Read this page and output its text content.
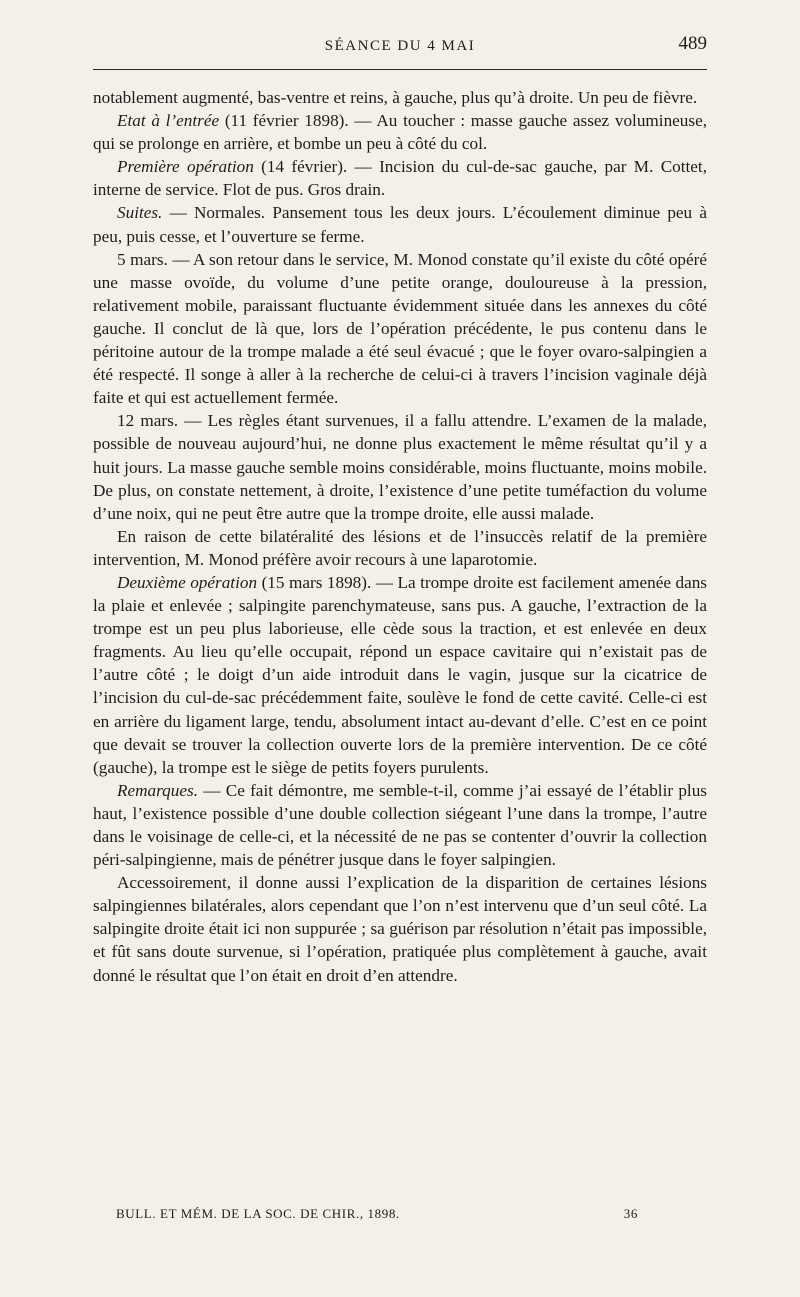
SÉANCE DU 4 MAI	489

notablement augmenté, bas-ventre et reins, à gauche, plus qu’à droite. Un peu de fièvre.

Etat à l’entrée (11 février 1898). — Au toucher : masse gauche assez volumineuse, qui se prolonge en arrière, et bombe un peu à côté du col.

Première opération (14 février). — Incision du cul-de-sac gauche, par M. Cottet, interne de service. Flot de pus. Gros drain.

Suites. — Normales. Pansement tous les deux jours. L’écoulement diminue peu à peu, puis cesse, et l’ouverture se ferme.

5 mars. — A son retour dans le service, M. Monod constate qu’il existe du côté opéré une masse ovoïde, du volume d’une petite orange, douloureuse à la pression, relativement mobile, paraissant fluctuante évidemment située dans les annexes du côté gauche. Il conclut de là que, lors de l’opération précédente, le pus contenu dans le péritoine autour de la trompe malade a été seul évacué ; que le foyer ovaro-salpingien a été respecté. Il songe à aller à la recherche de celui-ci à travers l’incision vaginale déjà faite et qui est actuellement fermée.

12 mars. — Les règles étant survenues, il a fallu attendre. L’examen de la malade, possible de nouveau aujourd’hui, ne donne plus exactement le même résultat qu’il y a huit jours. La masse gauche semble moins considérable, moins fluctuante, moins mobile. De plus, on constate nettement, à droite, l’existence d’une petite tuméfaction du volume d’une noix, qui ne peut être autre que la trompe droite, elle aussi malade.

En raison de cette bilatéralité des lésions et de l’insuccès relatif de la première intervention, M. Monod préfère avoir recours à une laparotomie.

Deuxième opération (15 mars 1898). — La trompe droite est facilement amenée dans la plaie et enlevée ; salpingite parenchymateuse, sans pus. A gauche, l’extraction de la trompe est un peu plus laborieuse, elle cède sous la traction, et est enlevée en deux fragments. Au lieu qu’elle occupait, répond un espace cavitaire qui n’existait pas de l’autre côté ; le doigt d’un aide introduit dans le vagin, jusque sur la cicatrice de l’incision du cul-de-sac précédemment faite, soulève le fond de cette cavité. Celle-ci est en arrière du ligament large, tendu, absolument intact au-devant d’elle. C’est en ce point que devait se trouver la collection ouverte lors de la première intervention. De ce côté (gauche), la trompe est le siège de petits foyers purulents.

Remarques. — Ce fait démontre, me semble-t-il, comme j’ai essayé de l’établir plus haut, l’existence possible d’une double collection siégeant l’une dans la trompe, l’autre dans le voisinage de celle-ci, et la nécessité de ne pas se contenter d’ouvrir la collection péri-salpingienne, mais de pénétrer jusque dans le foyer salpingien.

Accessoirement, il donne aussi l’explication de la disparition de certaines lésions salpingiennes bilatérales, alors cependant que l’on n’est intervenu que d’un seul côté. La salpingite droite était ici non suppurée ; sa guérison par résolution n’était pas impossible, et fût sans doute survenue, si l’opération, pratiquée plus complètement à gauche, avait donné le résultat que l’on était en droit d’en attendre.

BULL. ET MÉM. DE LA SOC. DE CHIR., 1898.	36
